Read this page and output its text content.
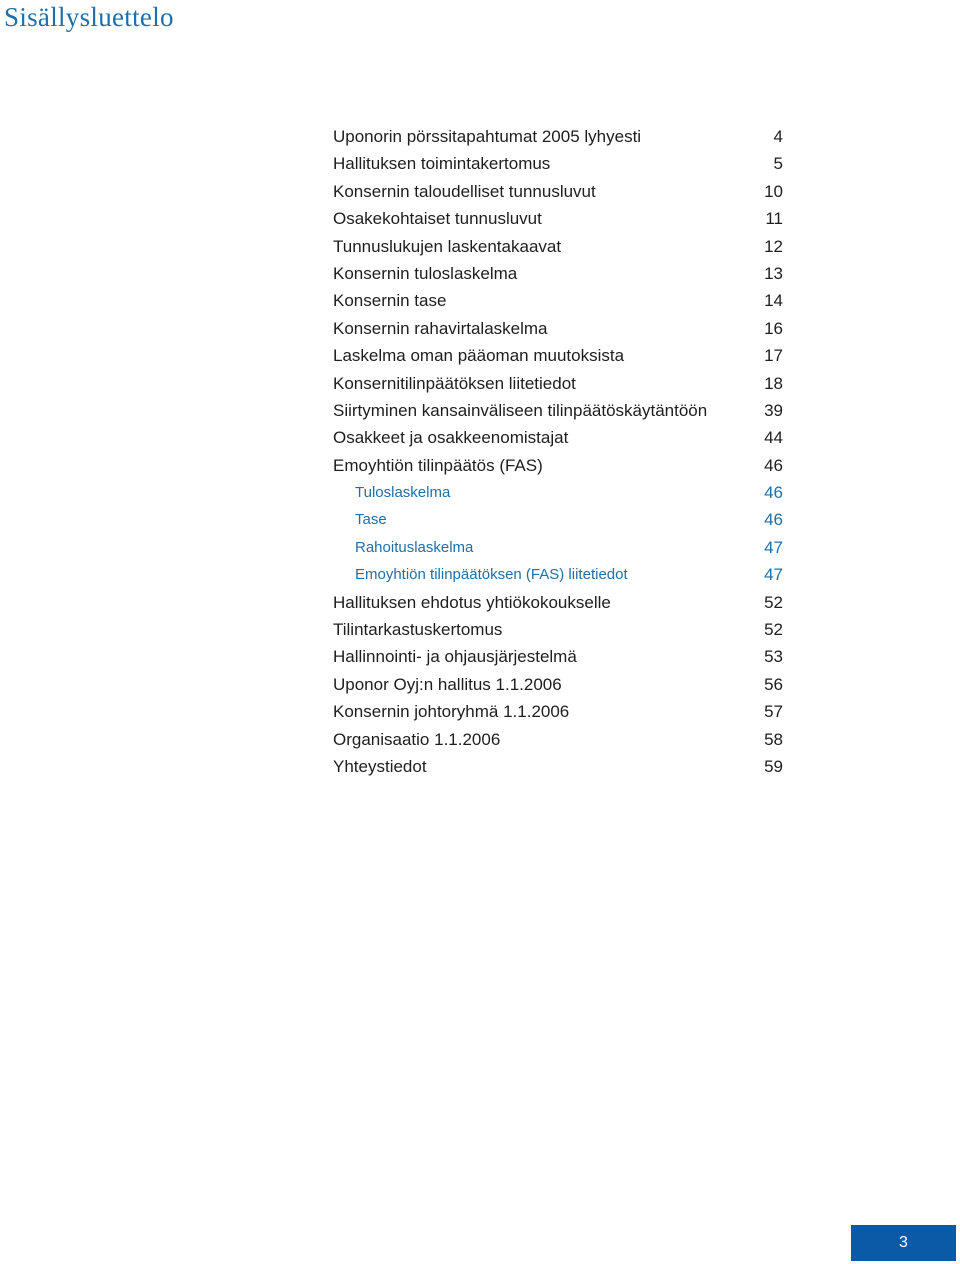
Sisällysluettelo
Uponorin pörssitapahtumat 2005 lyhyesti	4
Hallituksen toimintakertomus	5
Konsernin taloudelliset tunnusluvut	10
Osakekohtaiset tunnusluvut	11
Tunnuslukujen laskentakaavat	12
Konsernin tuloslaskelma	13
Konsernin tase	14
Konsernin rahavirtalaskelma	16
Laskelma oman pääoman muutoksista	17
Konsernitilinpäätöksen liitetiedot	18
Siirtyminen kansainväliseen tilinpäätöskäytäntöön	39
Osakkeet ja osakkeenomistajat	44
Emoyhtiön tilinpäätös (FAS)	46
Tuloslaskelma	46
Tase	46
Rahoituslaskelma	47
Emoyhtiön tilinpäätöksen (FAS) liitetiedot	47
Hallituksen ehdotus yhtiökokoukselle	52
Tilintarkastuskertomus	52
Hallinnointi- ja ohjausjärjestelmä	53
Uponor Oyj:n hallitus 1.1.2006	56
Konsernin johtoryhmä 1.1.2006	57
Organisaatio 1.1.2006	58
Yhteystiedot	59
3
